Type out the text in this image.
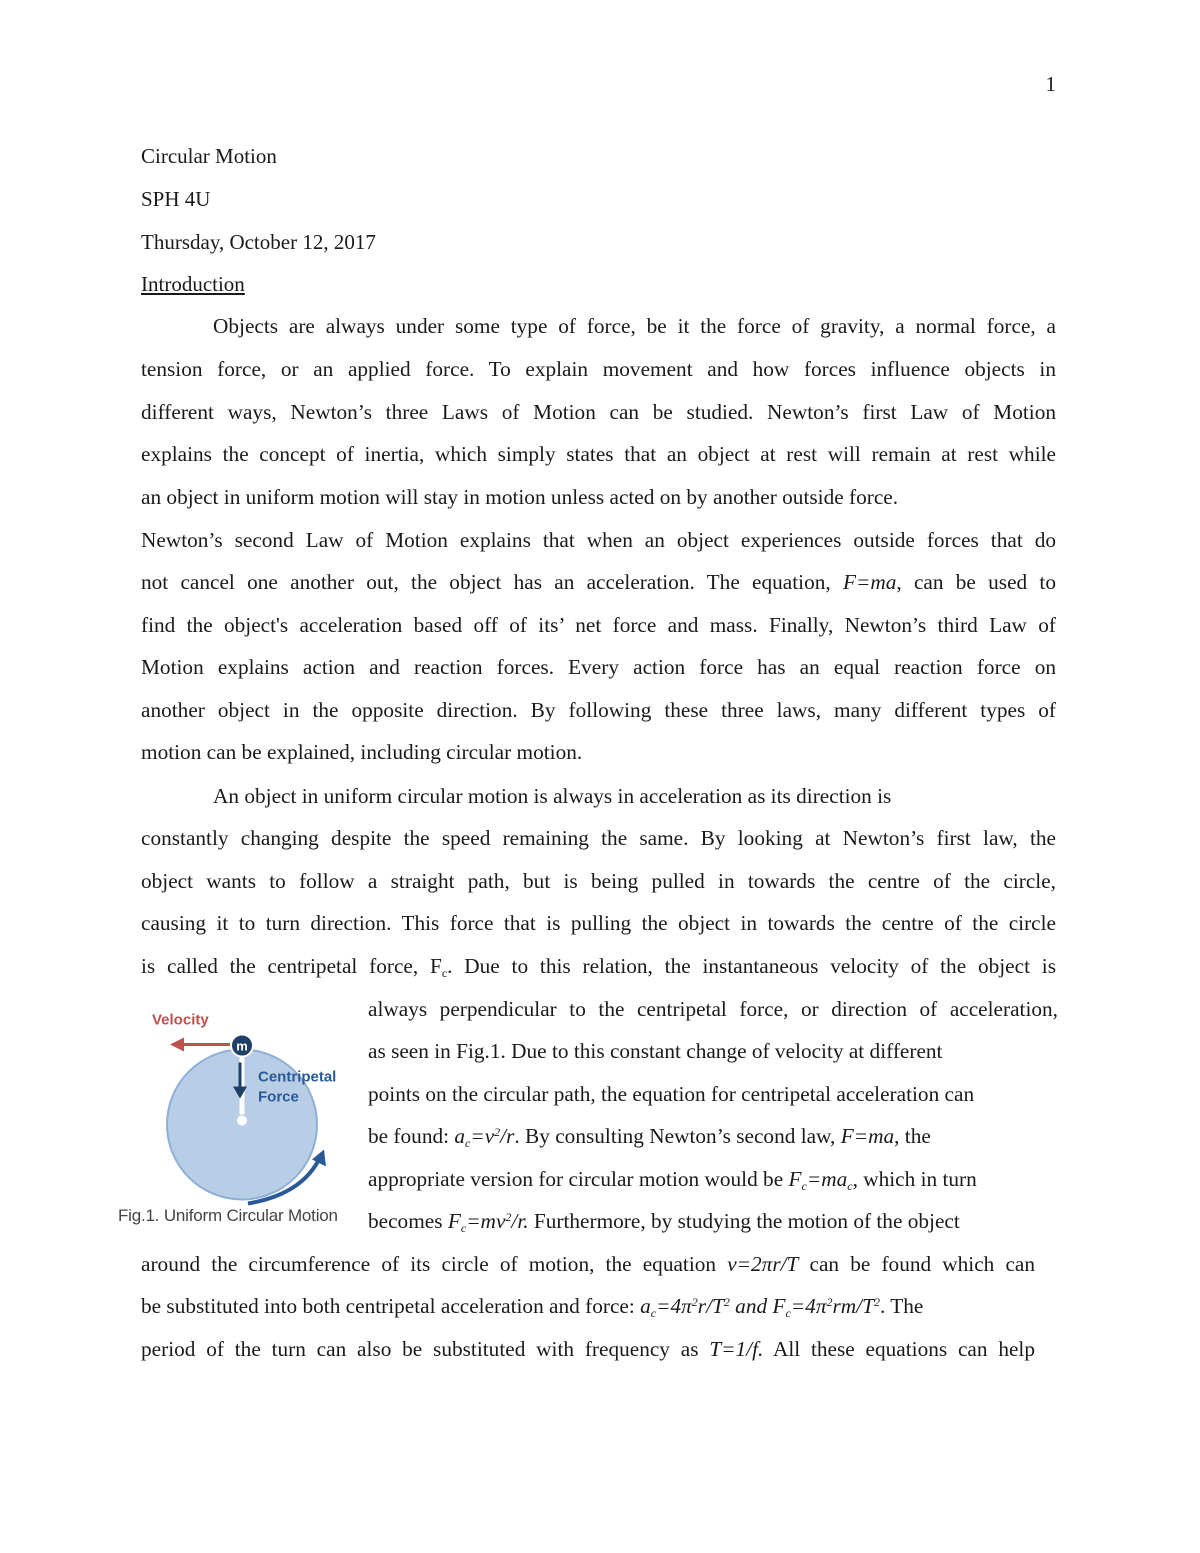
1
Circular Motion
SPH 4U
Thursday, October 12, 2017
Introduction
Objects are always under some type of force, be it the force of gravity, a normal force, a
tension force, or an applied force. To explain movement and how forces influence objects in
different ways, Newton’s three Laws of Motion can be studied. Newton’s first Law of Motion
explains the concept of inertia, which simply states that an object at rest will remain at rest while
an object in uniform motion will stay in motion unless acted on by another outside force.
Newton’s second Law of Motion explains that when an object experiences outside forces that do
not cancel one another out, the object has an acceleration. The equation, F=ma, can be used to
find the object's acceleration based off of its’ net force and mass. Finally, Newton’s third Law of
Motion explains action and reaction forces. Every action force has an equal reaction force on
another object in the opposite direction. By following these three laws, many different types of
motion can be explained, including circular motion.
An object in uniform circular motion is always in acceleration as its direction is
constantly changing despite the speed remaining the same. By looking at Newton’s first law, the
object wants to follow a straight path, but is being pulled in towards the centre of the circle,
causing it to turn direction. This force that is pulling the object in towards the centre of the circle
is called the centripetal force, $F_c$. Due to this relation, the instantaneous velocity of the object is
always perpendicular to the centripetal force, or direction of acceleration,
as seen in Fig.1. Due to this constant change of velocity at different
points on the circular path, the equation for centripetal acceleration can
be found: $a_c=v^2/r$. By consulting Newton’s second law, F=ma, the
appropriate version for circular motion would be $F_c=ma_c$, which in turn
becomes $F_c=mv^2/r$. Furthermore, by studying the motion of the object
around the circumference of its circle of motion, the equation v=2πr/T can be found which can
be substituted into both centripetal acceleration and force: $a_c=4\pi^2r/T^2$ and $F_c=4\pi^2rm/T^2$. The
period of the turn can also be substituted with frequency as T=1/f. All these equations can help
Velocity
m
Centripetal
Force
Fig.1. Uniform Circular Motion
